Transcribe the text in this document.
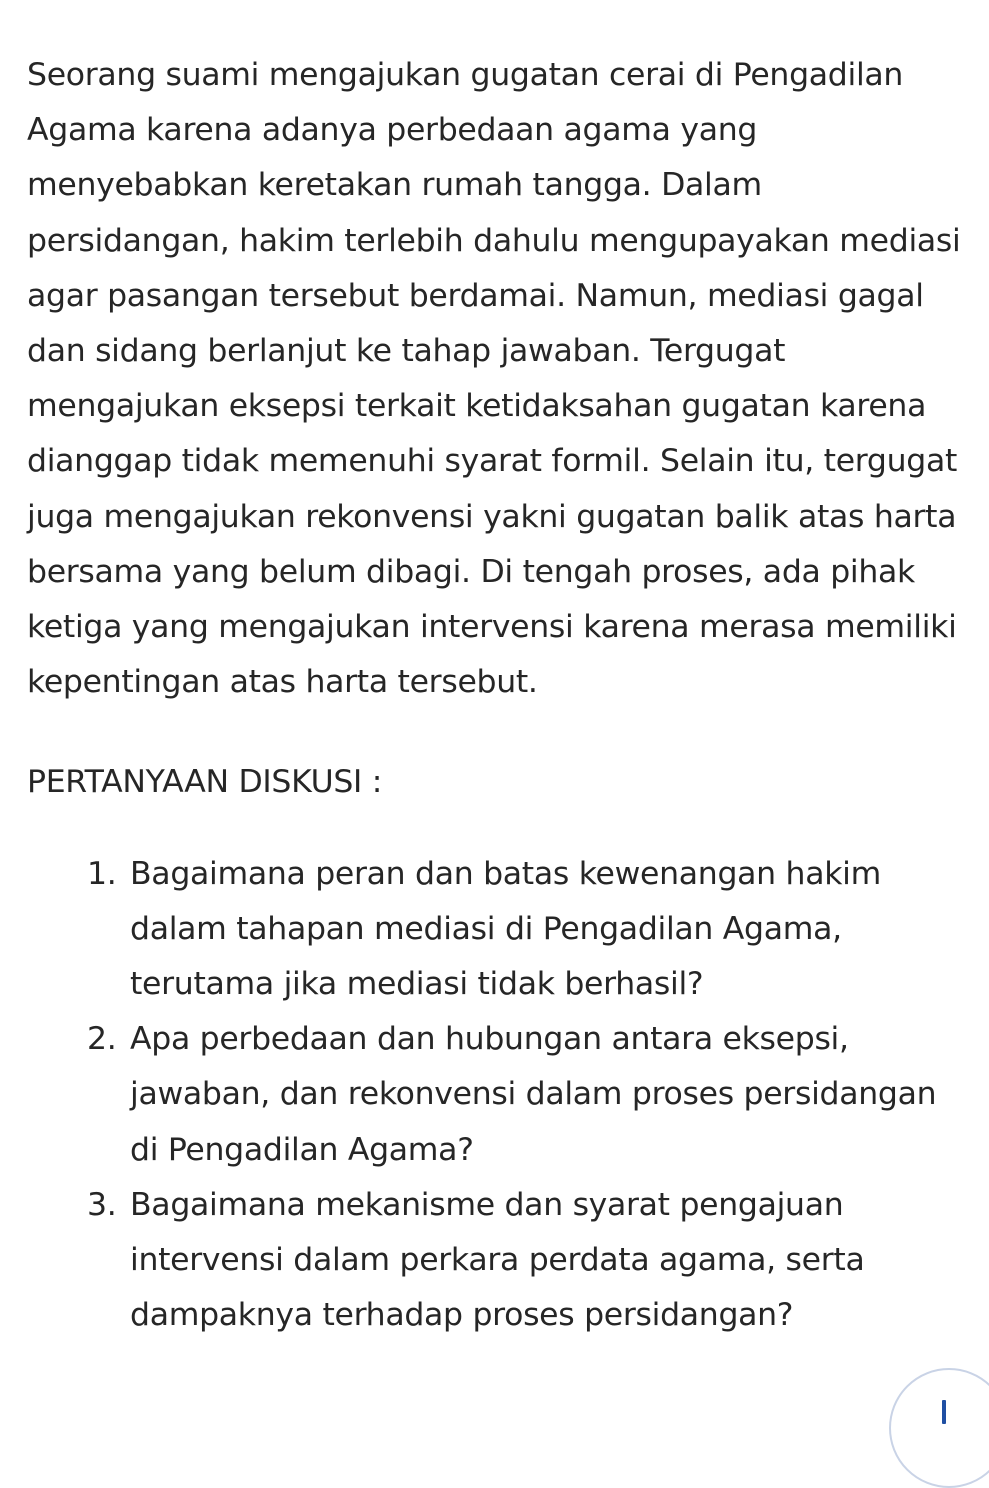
Seorang suami mengajukan gugatan cerai di Pengadilan Agama karena adanya perbedaan agama yang menyebabkan keretakan rumah tangga. Dalam persidangan, hakim terlebih dahulu mengupayakan mediasi agar pasangan tersebut berdamai. Namun, mediasi gagal dan sidang berlanjut ke tahap jawaban. Tergugat mengajukan eksepsi terkait ketidaksahan gugatan karena dianggap tidak memenuhi syarat formil. Selain itu, tergugat juga mengajukan rekonvensi yakni gugatan balik atas harta bersama yang belum dibagi. Di tengah proses, ada pihak ketiga yang mengajukan intervensi karena merasa memiliki kepentingan atas harta tersebut.

PERTANYAAN DISKUSI :

1. Bagaimana peran dan batas kewenangan hakim dalam tahapan mediasi di Pengadilan Agama, terutama jika mediasi tidak berhasil?
2. Apa perbedaan dan hubungan antara eksepsi, jawaban, dan rekonvensi dalam proses persidangan di Pengadilan Agama?
3. Bagaimana mekanisme dan syarat pengajuan intervensi dalam perkara perdata agama, serta dampaknya terhadap proses persidangan?
